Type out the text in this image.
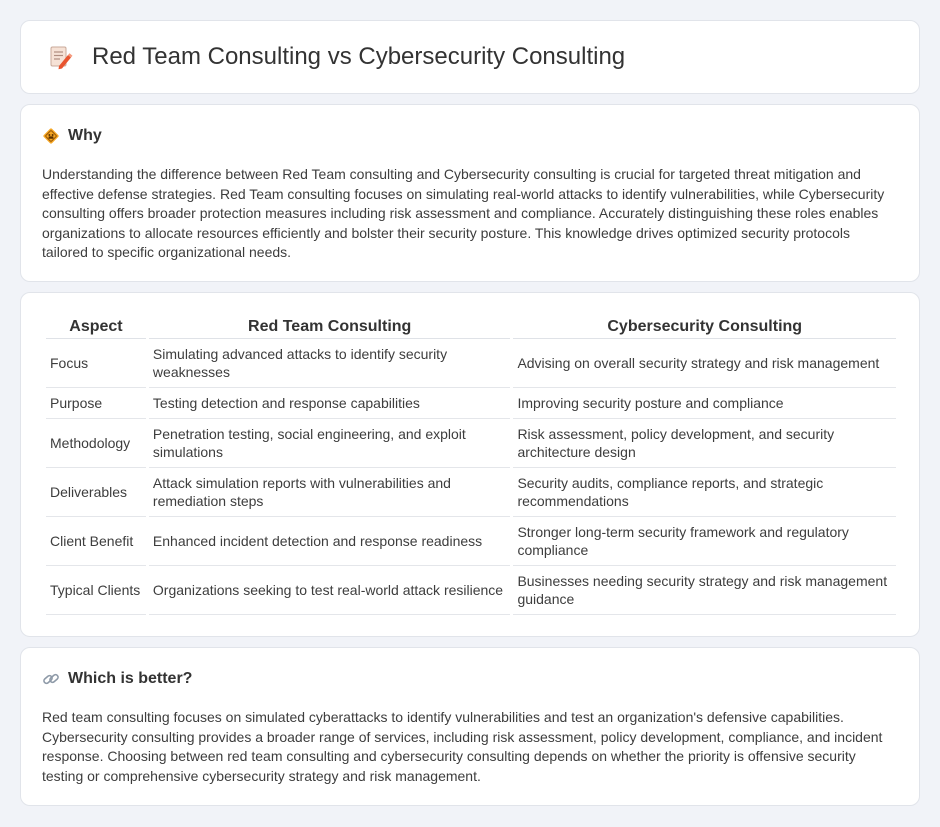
Red Team Consulting vs Cybersecurity Consulting
Why

Understanding the difference between Red Team consulting and Cybersecurity consulting is crucial for targeted threat mitigation and effective defense strategies. Red Team consulting focuses on simulating real-world attacks to identify vulnerabilities, while Cybersecurity consulting offers broader protection measures including risk assessment and compliance. Accurately distinguishing these roles enables organizations to allocate resources efficiently and bolster their security posture. This knowledge drives optimized security protocols tailored to specific organizational needs.

Aspect	Red Team Consulting	Cybersecurity Consulting
Focus	Simulating advanced attacks to identify security weaknesses	Advising on overall security strategy and risk management
Purpose	Testing detection and response capabilities	Improving security posture and compliance
Methodology	Penetration testing, social engineering, and exploit simulations	Risk assessment, policy development, and security architecture design
Deliverables	Attack simulation reports with vulnerabilities and remediation steps	Security audits, compliance reports, and strategic recommendations
Client Benefit	Enhanced incident detection and response readiness	Stronger long-term security framework and regulatory compliance
Typical Clients	Organizations seeking to test real-world attack resilience	Businesses needing security strategy and risk management guidance
Which is better?

Red team consulting focuses on simulated cyberattacks to identify vulnerabilities and test an organization's defensive capabilities. Cybersecurity consulting provides a broader range of services, including risk assessment, policy development, compliance, and incident response. Choosing between red team consulting and cybersecurity consulting depends on whether the priority is offensive security testing or comprehensive cybersecurity strategy and risk management.
